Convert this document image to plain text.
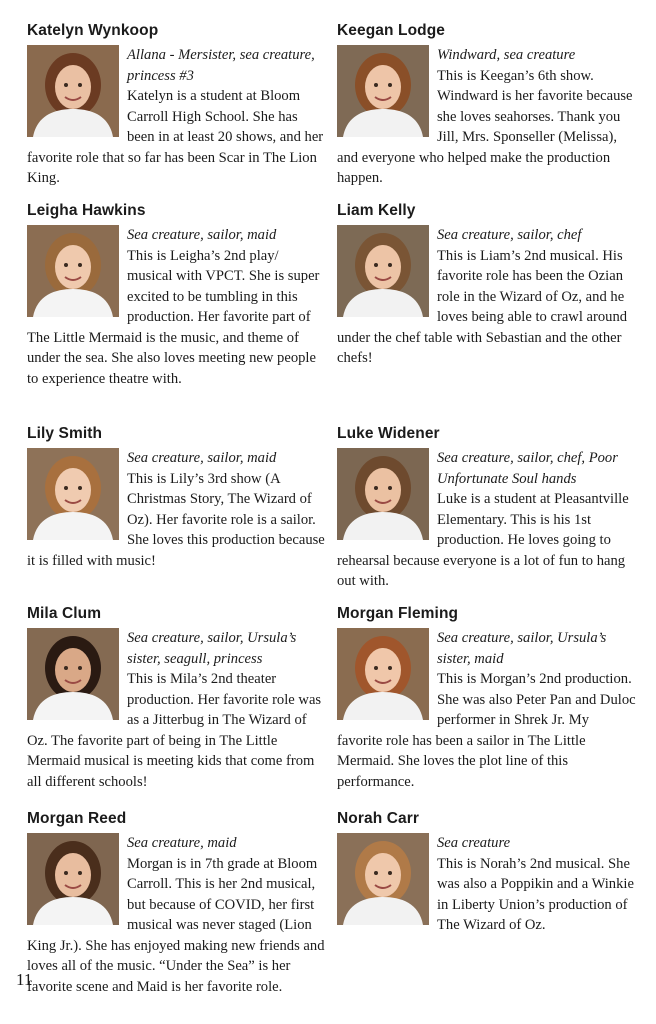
Katelyn Wynkoop

Allana - Mersister, sea creature, princess #3
Katelyn is a student at Bloom Carroll High School. She has been in at least 20 shows, and her favorite role that so far has been Scar in The Lion King.

Keegan Lodge

Windward, sea creature
This is Keegan’s 6th show. Windward is her favorite because she loves seahorses. Thank you Jill, Mrs. Sponseller (Melissa), and everyone who helped make the production happen.

Leigha Hawkins

Sea creature, sailor, maid
This is Leigha’s 2nd play/ musical with VPCT. She is super excited to be tumbling in this production. Her favorite part of The Little Mermaid is the music, and theme of under the sea. She also loves meeting new people to experience theatre with.

Liam Kelly

Sea creature, sailor, chef
This is Liam’s 2nd musical. His favorite role has been the Ozian role in the Wizard of Oz, and he loves being able to crawl around under the chef table with Sebastian and the other chefs!

Lily Smith

Sea creature, sailor, maid
This is Lily’s 3rd show (A Christmas Story, The Wizard of Oz). Her favorite role is a sailor. She loves this production because it is filled with music!

Luke Widener

Sea creature, sailor, chef, Poor Unfortunate Soul hands
Luke is a student at Pleasantville Elementary. This is his 1st production. He loves going to rehearsal because everyone is a lot of fun to hang out with.

Mila Clum

Sea creature, sailor, Ursula’s sister, seagull, princess
This is Mila’s 2nd theater production. Her favorite role was as a Jitterbug in The Wizard of Oz. The favorite part of being in The Little Mermaid musical is meeting kids that come from all different schools!

Morgan Fleming

Sea creature, sailor, Ursula’s sister, maid
This is Morgan’s 2nd production. She was also Peter Pan and Duloc performer in Shrek Jr. My favorite role has been a sailor in The Little Mermaid. She loves the plot line of this performance.

Morgan Reed

Sea creature, maid
Morgan is in 7th grade at Bloom Carroll. This is her 2nd musical, but because of COVID, her first musical was never staged (Lion King Jr.). She has enjoyed making new friends and loves all of the music. “Under the Sea” is her favorite scene and Maid is her favorite role.

Norah Carr

Sea creature
This is Norah’s 2nd musical. She was also a Poppikin and a Winkie in Liberty Union’s production of The Wizard of Oz.

11
